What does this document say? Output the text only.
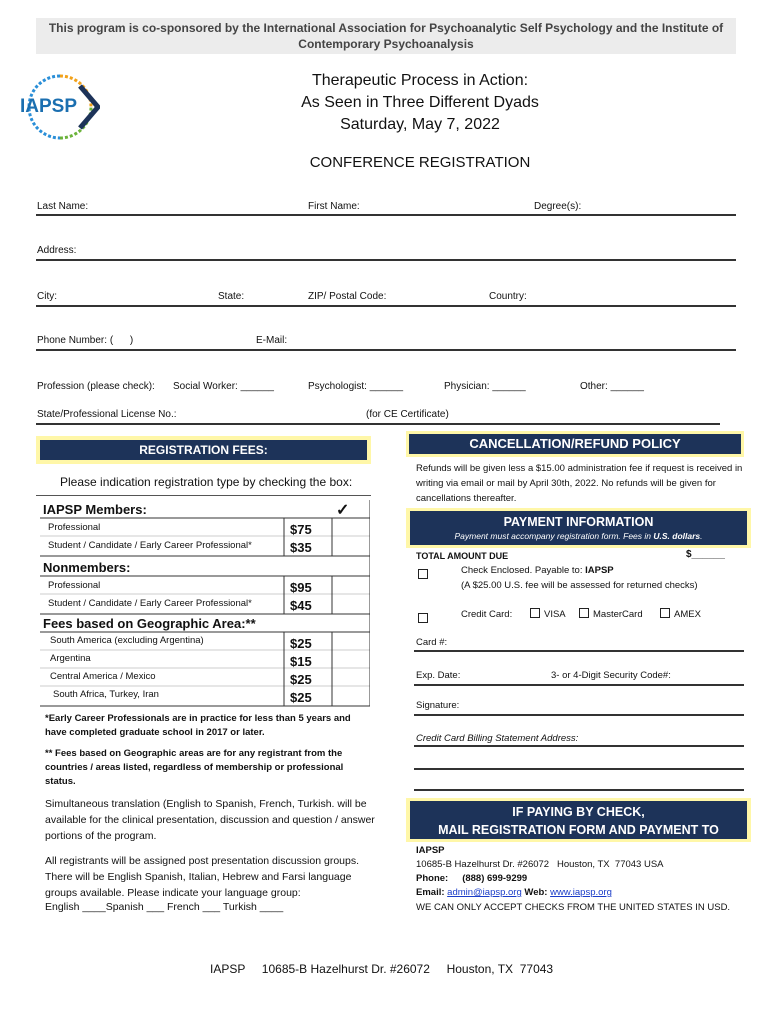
This program is co-sponsored by the International Association for Psychoanalytic Self Psychology and the Institute of Contemporary Psychoanalysis
IAPSP
Therapeutic Process in Action:
As Seen in Three Different Dyads
Saturday, May 7, 2022
CONFERENCE REGISTRATION
Last Name:	First Name:	Degree(s):
Address:
City:	State:	ZIP/ Postal Code:	Country:
Phone Number: (      )	E-Mail:
Profession (please check): Social Worker: ______	Psychologist: ______	Physician: ______	Other: ______
State/Professional License No.:	(for CE Certificate)
REGISTRATION FEES:
Please indication registration type by checking the box:
IAPSP Members:	✓
Professional	$75
Student / Candidate / Early Career Professional*	$35
Nonmembers:
Professional	$95
Student / Candidate / Early Career Professional*	$45
Fees based on Geographic Area:**
South America (excluding Argentina)	$25
Argentina	$15
Central America / Mexico	$25
South Africa, Turkey, Iran	$25
*Early Career Professionals are in practice for less than 5 years and have completed graduate school in 2017 or later.
** Fees based on Geographic areas are for any registrant from the countries / areas listed, regardless of membership or professional status.
Simultaneous translation (English to Spanish, French, Turkish. will be available for the clinical presentation, discussion and question / answer portions of the program.
All registrants will be assigned post presentation discussion groups. There will be English Spanish, Italian, Hebrew and Farsi language groups available. Please indicate your language group:
English ____Spanish ___ French ___ Turkish ____
CANCELLATION/REFUND POLICY
Refunds will be given less a $15.00 administration fee if request is received in writing via email or mail by April 30th, 2022. No refunds will be given for cancellations thereafter.
PAYMENT INFORMATION
Payment must accompany registration form. Fees in U.S. dollars.
TOTAL AMOUNT DUE	$______
Check Enclosed. Payable to: IAPSP
(A $25.00 U.S. fee will be assessed for returned checks)
Credit Card:	VISA	MasterCard	AMEX
Card #:
Exp. Date:	3- or 4-Digit Security Code#:
Signature:
Credit Card Billing Statement Address:
IF PAYING BY CHECK,
MAIL REGISTRATION FORM AND PAYMENT TO
IAPSP
10685-B Hazelhurst Dr. #26072   Houston, TX  77043 USA
Phone: (888) 699-9299
Email: admin@iapsp.org Web: www.iapsp.org
WE CAN ONLY ACCEPT CHECKS FROM THE UNITED STATES IN USD.
IAPSP     10685-B Hazelhurst Dr. #26072     Houston, TX  77043
